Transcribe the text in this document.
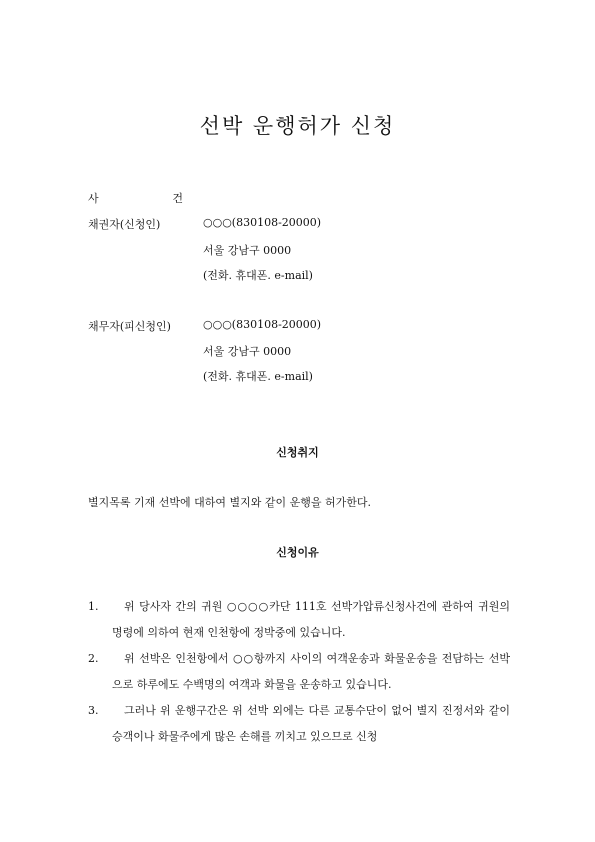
선박 운행허가 신청
사	건
채권자(신청인)	○○○(830108-20000)
서울 강남구 0000
(전화. 휴대폰. e-mail)
채무자(피신청인)	○○○(830108-20000)
서울 강남구 0000
(전화. 휴대폰. e-mail)
신청취지
별지목록 기재 선박에 대하여 별지와 같이 운행을 허가한다.
신청이유
1.	위 당사자 간의 귀원 ○○○○카단 111호 선박가압류신청사건에 관하여 귀원의 명령에 의하여 현재 인천항에 정박중에 있습니다.
2.	위 선박은 인천항에서 ○○항까지 사이의 여객운송과 화물운송을 전담하는 선박으로 하루에도 수백명의 여객과 화물을 운송하고 있습니다.
3.	그러나 위 운행구간은 위 선박 외에는 다른 교통수단이 없어 별지 진정서와 같이 승객이나 화물주에게 많은 손해를 끼치고 있으므로 신청
